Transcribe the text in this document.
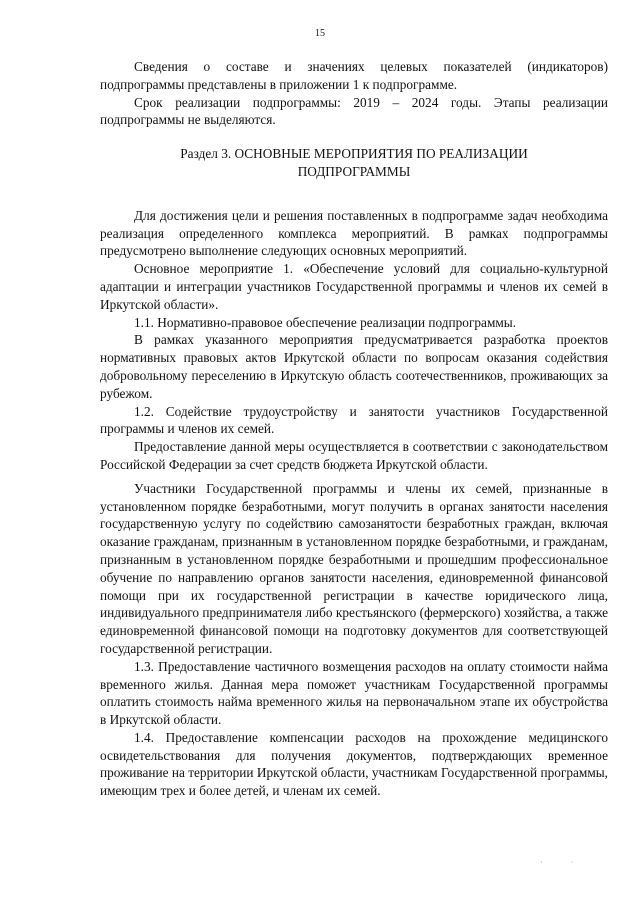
15

Сведения о составе и значениях целевых показателей (индикаторов) подпрограммы представлены в приложении 1 к подпрограмме.

Срок реализации подпрограммы: 2019 – 2024 годы. Этапы реализации подпрограммы не выделяются.

Раздел 3. ОСНОВНЫЕ МЕРОПРИЯТИЯ ПО РЕАЛИЗАЦИИ
ПОДПРОГРАММЫ

Для достижения цели и решения поставленных в подпрограмме задач необходима реализация определенного комплекса мероприятий. В рамках подпрограммы предусмотрено выполнение следующих основных мероприятий.

Основное мероприятие 1. «Обеспечение условий для социально-культурной адаптации и интеграции участников Государственной программы и членов их семей в Иркутской области».

1.1. Нормативно-правовое обеспечение реализации подпрограммы.

В рамках указанного мероприятия предусматривается разработка проектов нормативных правовых актов Иркутской области по вопросам оказания содействия добровольному переселению в Иркутскую область соотечественников, проживающих за рубежом.

1.2. Содействие трудоустройству и занятости участников Государственной программы и членов их семей.

Предоставление данной меры осуществляется в соответствии с законодательством Российской Федерации за счет средств бюджета Иркутской области.

Участники Государственной программы и члены их семей, признанные в установленном порядке безработными, могут получить в органах занятости населения государственную услугу по содействию самозанятости безработных граждан, включая оказание гражданам, признанным в установленном порядке безработными, и гражданам, признанным в установленном порядке безработными и прошедшим профессиональное обучение по направлению органов занятости населения, единовременной финансовой помощи при их государственной регистрации в качестве юридического лица, индивидуального предпринимателя либо крестьянского (фермерского) хозяйства, а также единовременной финансовой помощи на подготовку документов для соответствующей государственной регистрации.

1.3. Предоставление частичного возмещения расходов на оплату стоимости найма временного жилья. Данная мера поможет участникам Государственной программы оплатить стоимость найма временного жилья на первоначальном этапе их обустройства в Иркутской области.

1.4. Предоставление компенсации расходов на прохождение медицинского освидетельствования для получения документов, подтверждающих временное проживание на территории Иркутской области, участникам Государственной программы, имеющим трех и более детей, и членам их семей.

·              ·
